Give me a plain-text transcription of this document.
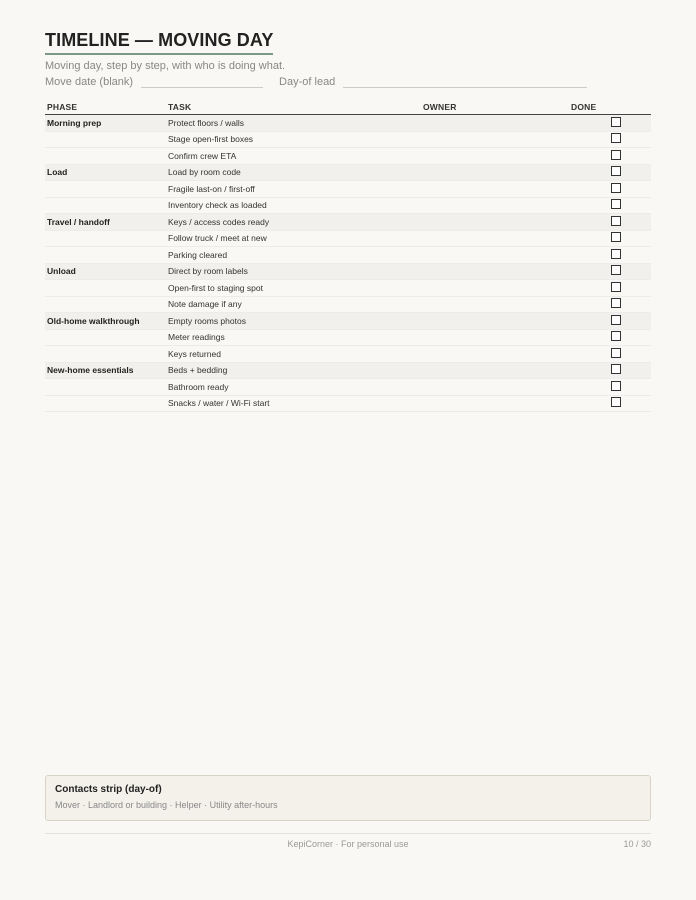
TIMELINE — MOVING DAY
Moving day, step by step, with who is doing what.
Move date (blank)	Day-of lead
PHASE	TASK	OWNER	DONE
Morning prep	Protect floors / walls		
	Stage open-first boxes		
	Confirm crew ETA		
Load	Load by room code		
	Fragile last-on / first-off		
	Inventory check as loaded		
Travel / handoff	Keys / access codes ready		
	Follow truck / meet at new		
	Parking cleared		
Unload	Direct by room labels		
	Open-first to staging spot		
	Note damage if any		
Old-home walkthrough	Empty rooms photos		
	Meter readings		
	Keys returned		
New-home essentials	Beds + bedding		
	Bathroom ready		
	Snacks / water / Wi-Fi start		
Contacts strip (day-of)
Mover · Landlord or building · Helper · Utility after-hours
KepiCorner · For personal use	10 / 30
